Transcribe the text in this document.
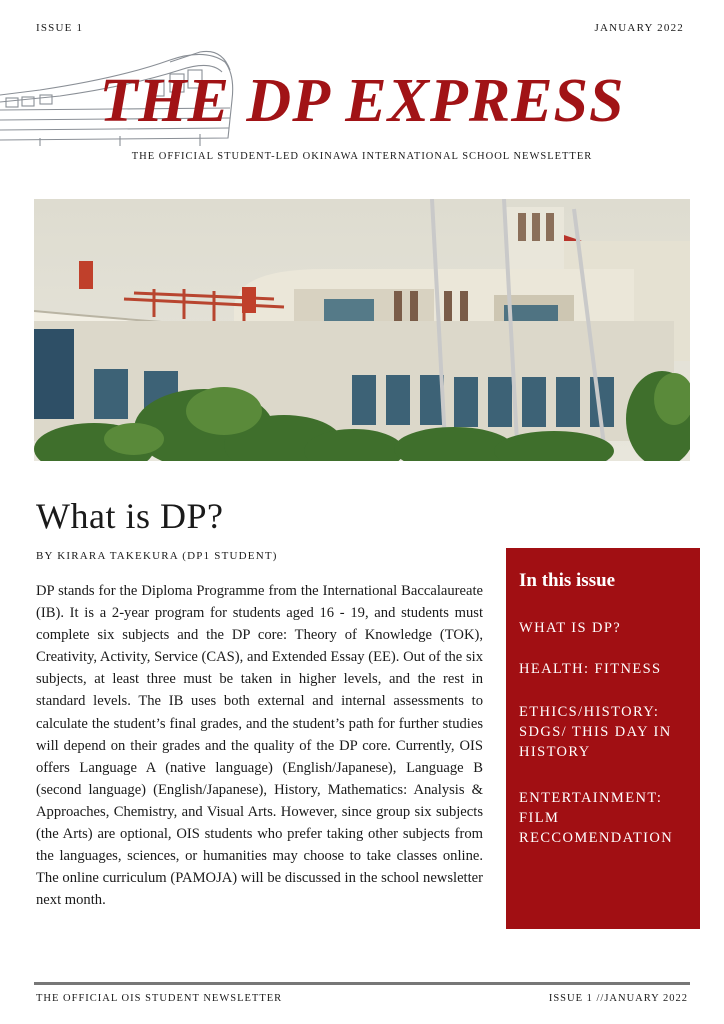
ISSUE 1	JANUARY 2022
THE DP EXPRESS
THE OFFICIAL STUDENT-LED OKINAWA INTERNATIONAL SCHOOL NEWSLETTER
What is DP?
BY KIRARA TAKEKURA (DP1 STUDENT)
DP stands for the Diploma Programme from the International Baccalaureate (IB). It is a 2-year program for students aged 16 - 19, and students must complete six subjects and the DP core: Theory of Knowledge (TOK), Creativity, Activity, Service (CAS), and Extended Essay (EE). Out of the six subjects, at least three must be taken in higher levels, and the rest in standard levels. The IB uses both external and internal assessments to calculate the student’s final grades, and the student’s path for further studies will depend on their grades and the quality of the DP core. Currently, OIS offers Language A (native language) (English/Japanese), Language B (second language) (English/Japanese), History, Mathematics: Analysis & Approaches, Chemistry, and Visual Arts. However, since group six subjects (the Arts) are optional, OIS students who prefer taking other subjects from the languages, sciences, or humanities may choose to take classes online. The online curriculum (PAMOJA) will be discussed in the school newsletter next month.
In this issue
WHAT IS DP?
HEALTH: FITNESS
ETHICS/HISTORY: SDGS/ THIS DAY IN HISTORY
ENTERTAINMENT: FILM RECCOMENDATION
THE OFFICIAL OIS STUDENT NEWSLETTER	ISSUE 1 //JANUARY 2022
